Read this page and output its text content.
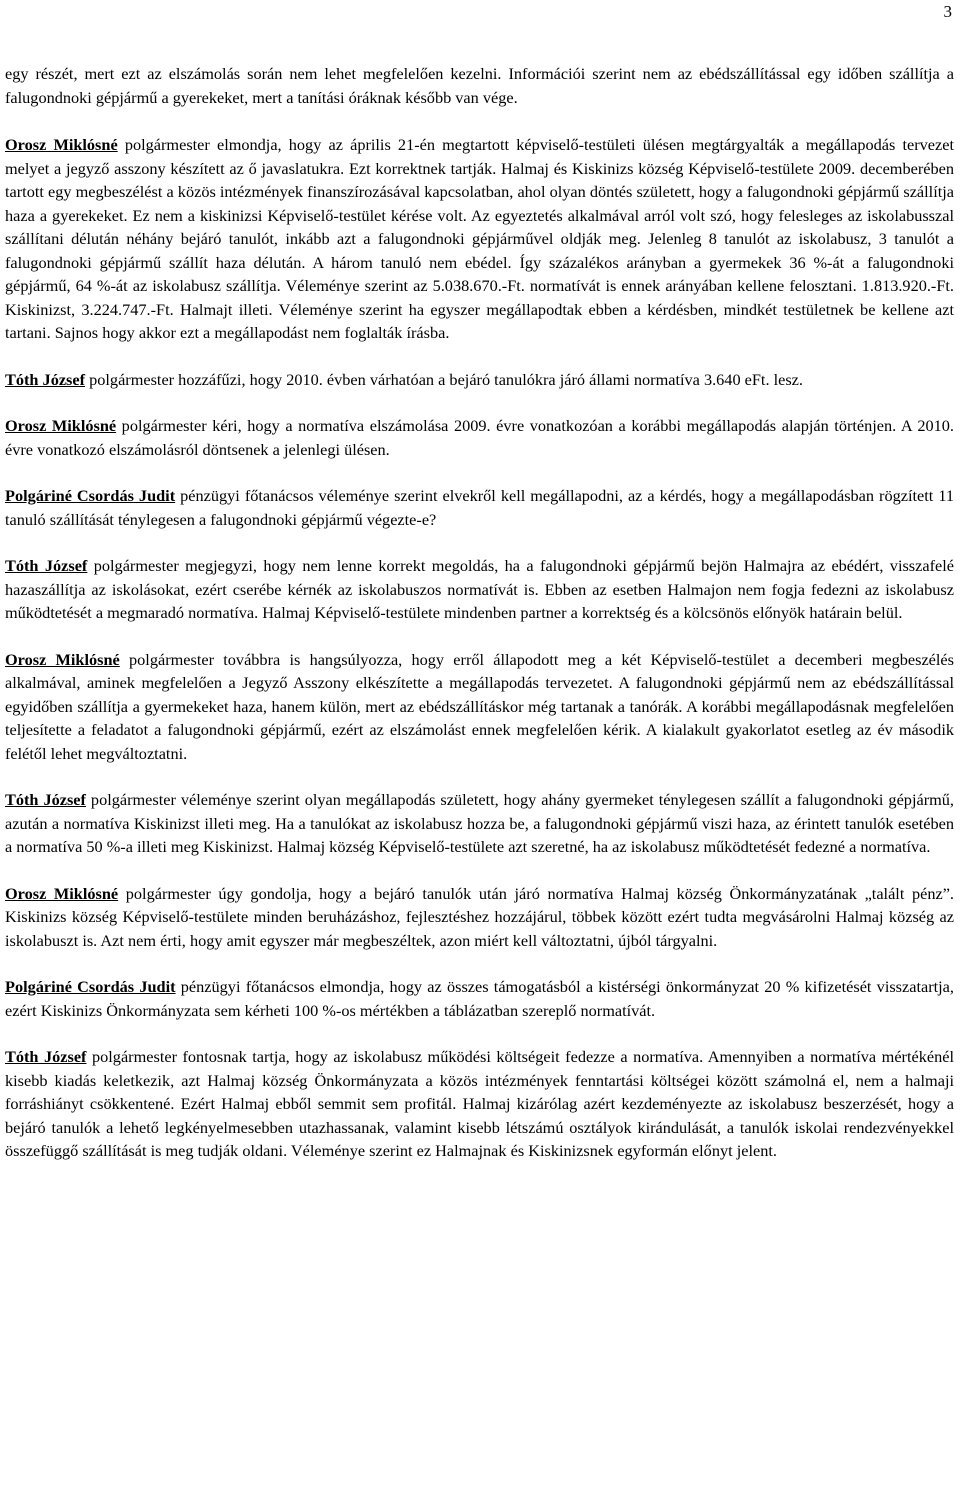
3

egy részét, mert ezt az elszámolás során nem lehet megfelelően kezelni. Információi szerint nem az ebédszállítással egy időben szállítja a falugondnoki gépjármű a gyerekeket, mert a tanítási óráknak később van vége.

Orosz Miklósné polgármester elmondja, hogy az április 21-én megtartott képviselő-testületi ülésen megtárgyalták a megállapodás tervezet melyet a jegyző asszony készített az ő javaslatukra. Ezt korrektnek tartják. Halmaj és Kiskinizs község Képviselő-testülete 2009. decemberében tartott egy megbeszélést a közös intézmények finanszírozásával kapcsolatban, ahol olyan döntés született, hogy a falugondnoki gépjármű szállítja haza a gyerekeket. Ez nem a kiskinizsi Képviselő-testület kérése volt. Az egyeztetés alkalmával arról volt szó, hogy felesleges az iskolabusszal szállítani délután néhány bejáró tanulót, inkább azt a falugondnoki gépjárművel oldják meg. Jelenleg 8 tanulót az iskolabusz, 3 tanulót a falugondnoki gépjármű szállít haza délután. A három tanuló nem ebédel. Így százalékos arányban a gyermekek 36 %-át a falugondnoki gépjármű, 64 %-át az iskolabusz szállítja. Véleménye szerint az 5.038.670.-Ft. normatívát is ennek arányában kellene felosztani. 1.813.920.-Ft. Kiskinizst, 3.224.747.-Ft. Halmajt illeti. Véleménye szerint ha egyszer megállapodtak ebben a kérdésben, mindkét testületnek be kellene azt tartani. Sajnos hogy akkor ezt a megállapodást nem foglalták írásba.

Tóth József polgármester hozzáfűzi, hogy 2010. évben várhatóan a bejáró tanulókra járó állami normatíva 3.640 eFt. lesz.

Orosz Miklósné polgármester kéri, hogy a normatíva elszámolása 2009. évre vonatkozóan a korábbi megállapodás alapján történjen. A 2010. évre vonatkozó elszámolásról döntsenek a jelenlegi ülésen.

Polgáriné Csordás Judit pénzügyi főtanácsos véleménye szerint elvekről kell megállapodni, az a kérdés, hogy a megállapodásban rögzített 11 tanuló szállítását ténylegesen a falugondnoki gépjármű végezte-e?

Tóth József polgármester megjegyzi, hogy nem lenne korrekt megoldás, ha a falugondnoki gépjármű bejön Halmajra az ebédért, visszafelé hazaszállítja az iskolásokat, ezért cserébe kérnék az iskolabuszos normatívát is. Ebben az esetben Halmajon nem fogja fedezni az iskolabusz működtetését a megmaradó normatíva. Halmaj Képviselő-testülete mindenben partner a korrektség és a kölcsönös előnyök határain belül.

Orosz Miklósné polgármester továbbra is hangsúlyozza, hogy erről állapodott meg a két Képviselő-testület a decemberi megbeszélés alkalmával, aminek megfelelően a Jegyző Asszony elkészítette a megállapodás tervezetet. A falugondnoki gépjármű nem az ebédszállítással egyidőben szállítja a gyermekeket haza, hanem külön, mert az ebédszállításkor még tartanak a tanórák. A korábbi megállapodásnak megfelelően teljesítette a feladatot a falugondnoki gépjármű, ezért az elszámolást ennek megfelelően kérik. A kialakult gyakorlatot esetleg az év második felétől lehet megváltoztatni.

Tóth József polgármester véleménye szerint olyan megállapodás született, hogy ahány gyermeket ténylegesen szállít a falugondnoki gépjármű, azután a normatíva Kiskinizst illeti meg. Ha a tanulókat az iskolabusz hozza be, a falugondnoki gépjármű viszi haza, az érintett tanulók esetében a normatíva 50 %-a illeti meg Kiskinizst. Halmaj község Képviselő-testülete azt szeretné, ha az iskolabusz működtetését fedezné a normatíva.

Orosz Miklósné polgármester úgy gondolja, hogy a bejáró tanulók után járó normatíva Halmaj község Önkormányzatának „talált pénz”. Kiskinizs község Képviselő-testülete minden beruházáshoz, fejlesztéshez hozzájárul, többek között ezért tudta megvásárolni Halmaj község az iskolabuszt is. Azt nem érti, hogy amit egyszer már megbeszéltek, azon miért kell változtatni, újból tárgyalni.

Polgáriné Csordás Judit pénzügyi főtanácsos elmondja, hogy az összes támogatásból a kistérségi önkormányzat 20 % kifizetését visszatartja, ezért Kiskinizs Önkormányzata sem kérheti 100 %-os mértékben a táblázatban szereplő normatívát.

Tóth József polgármester fontosnak tartja, hogy az iskolabusz működési költségeit fedezze a normatíva. Amennyiben a normatíva mértékénél kisebb kiadás keletkezik, azt Halmaj község Önkormányzata a közös intézmények fenntartási költségei között számolná el, nem a halmaji forráshiányt csökkentené. Ezért Halmaj ebből semmit sem profitál. Halmaj kizárólag azért kezdeményezte az iskolabusz beszerzését, hogy a bejáró tanulók a lehető legkényelmesebben utazhassanak, valamint kisebb létszámú osztályok kirándulását, a tanulók iskolai rendezvényekkel összefüggő szállítását is meg tudják oldani. Véleménye szerint ez Halmajnak és Kiskinizsnek egyformán előnyt jelent.
